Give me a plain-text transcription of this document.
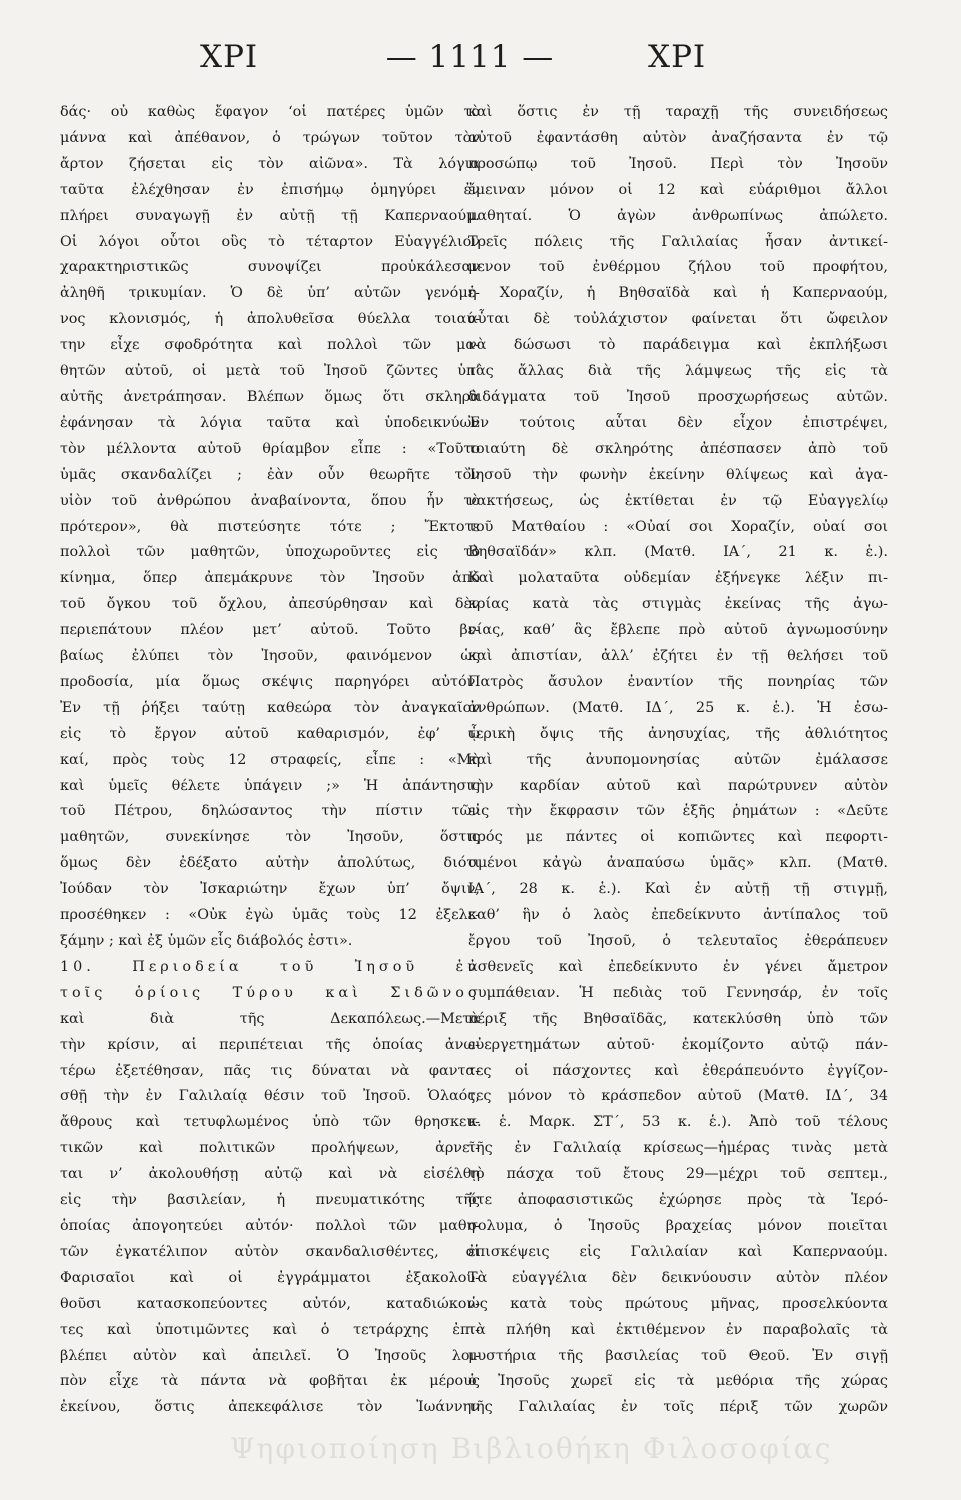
ΧΡΙ	— 1111 —	ΧΡΙ
δάς· οὐ καθὼς ἔφαγον ‘οἱ πατέρες ὑμῶν τὸ
μάννα καὶ ἀπέθανον, ὁ τρώγων τοῦτον τὸν
ἄρτον ζήσεται εἰς τὸν αἰῶνα». Τὰ λόγια
ταῦτα ἐλέχθησαν ἐν ἐπισήμῳ ὁμηγύρει ἐν
πλήρει συναγωγῇ ἐν αὐτῇ τῇ Καπερναούμ.
Οἱ λόγοι οὗτοι οὓς τὸ τέταρτον Εὐαγγέλιον
χαρακτηριστικῶς συνοψίζει προὐκάλεσαν
ἀληθῆ τρικυμίαν. Ὁ δὲ ὑπ’ αὐτῶν γενόμε-
νος κλονισμός, ἡ ἀπολυθεῖσα θύελλα τοιαύ-
την εἶχε σφοδρότητα καὶ πολλοὶ τῶν μα-
θητῶν αὐτοῦ, οἱ μετὰ τοῦ Ἰησοῦ ζῶντες ὑπ’
αὐτῆς ἀνετράπησαν. Βλέπων ὅμως ὅτι σκληρὰ
ἐφάνησαν τὰ λόγια ταῦτα καὶ ὑποδεικνύων
τὸν μέλλοντα αὐτοῦ θρίαμβον εἶπε : «Τοῦτο
ὑμᾶς σκανδαλίζει ; ἐὰν οὖν θεωρῆτε τὸν
υἱὸν τοῦ ἀνθρώπου ἀναβαίνοντα, ὅπου ἦν τὸ
πρότερον», θὰ πιστεύσητε τότε ; Ἔκτοτε
πολλοὶ τῶν μαθητῶν, ὑποχωροῦντες εἰς τὸ
κίνημα, ὅπερ ἀπεμάκρυνε τὸν Ἰησοῦν ἀπὸ
τοῦ ὄγκου τοῦ ὄχλου, ἀπεσύρθησαν καὶ δὲν
περιεπάτουν πλέον μετ’ αὐτοῦ. Τοῦτο βε-
βαίως ἐλύπει τὸν Ἰησοῦν, φαινόμενον ὡς
προδοσία, μία ὅμως σκέψις παρηγόρει αὐτόν.
Ἐν τῇ ῥήξει ταύτῃ καθεώρα τὸν ἀναγκαῖον
εἰς τὸ ἔργον αὐτοῦ καθαρισμόν, ἐφ’ ᾧ
καί, πρὸς τοὺς 12 στραφείς, εἶπε : «Μὴ
καὶ ὑμεῖς θέλετε ὑπάγειν ;» Ἡ ἀπάντησις
τοῦ Πέτρου, δηλώσαντος τὴν πίστιν τῶν
μαθητῶν, συνεκίνησε τὸν Ἰησοῦν, ὅστις
ὅμως δὲν ἐδέξατο αὐτὴν ἀπολύτως, διότι
Ἰούδαν τὸν Ἰσκαριώτην ἔχων ὑπ’ ὄψιν,
προσέθηκεν : «Οὐκ ἐγὼ ὑμᾶς τοὺς 12 ἐξελε-
ξάμην ; καὶ ἐξ ὑμῶν εἷς διάβολός ἐστι».
10. Περιοδεία τοῦ Ἰησοῦ ἐν
τοῖς ὁρίοις Τύρου καὶ Σιδῶνος
καὶ διὰ τῆς Δεκαπόλεως.—Μετὰ
τὴν κρίσιν, αἱ περιπέτειαι τῆς ὁποίας ἀνω-
τέρω ἐξετέθησαν, πᾶς τις δύναται νὰ φαντα-
σθῇ τὴν ἐν Γαλιλαίᾳ θέσιν τοῦ Ἰησοῦ. Ὁλαός,
ἄθρους καὶ τετυφλωμένος ὑπὸ τῶν θρησκευ-
τικῶν καὶ πολιτικῶν προλήψεων, ἀρνεῖ-
ται ν’ ἀκολουθήσῃ αὐτῷ καὶ νὰ εἰσέλθῃ
εἰς τὴν βασιλείαν, ἡ πνευματικότης τῆς
ὁποίας ἀπογοητεύει αὐτόν· πολλοὶ τῶν μαθη-
τῶν ἐγκατέλιπον αὐτὸν σκανδαλισθέντες, οἱ
Φαρισαῖοι καὶ οἱ ἐγγράμματοι ἐξακολου-
θοῦσι κατασκοπεύοντες αὐτόν, καταδιώκον-
τες καὶ ὑποτιμῶντες καὶ ὁ τετράρχης ἐπι-
βλέπει αὐτὸν καὶ ἀπειλεῖ. Ὁ Ἰησοῦς λοι-
πὸν εἶχε τὰ πάντα νὰ φοβῆται ἐκ μέρους
ἐκείνου, ὅστις ἀπεκεφάλισε τὸν Ἰωάννην
καὶ ὅστις ἐν τῇ ταραχῇ τῆς συνειδήσεως
αὐτοῦ ἐφαντάσθη αὐτὸν ἀναζήσαντα ἐν τῷ
προσώπῳ τοῦ Ἰησοῦ. Περὶ τὸν Ἰησοῦν
ἔμειναν μόνον οἱ 12 καὶ εὐάριθμοι ἄλλοι
μαθηταί. Ὁ ἀγὼν ἀνθρωπίνως ἀπώλετο.
Τρεῖς πόλεις τῆς Γαλιλαίας ἦσαν ἀντικεί-
μενον τοῦ ἐνθέρμου ζήλου τοῦ προφήτου,
ἡ Χοραζίν, ἡ Βηθσαϊδὰ καὶ ἡ Καπερναούμ,
αὗται δὲ τοὐλάχιστον φαίνεται ὅτι ὤφειλον
νὰ δώσωσι τὸ παράδειγμα καὶ ἐκπλήξωσι
τὰς ἄλλας διὰ τῆς λάμψεως τῆς εἰς τὰ
διδάγματα τοῦ Ἰησοῦ προσχωρήσεως αὐτῶν.
Ἐν τούτοις αὗται δὲν εἶχον ἐπιστρέψει,
τοιαύτη δὲ σκληρότης ἀπέσπασεν ἀπὸ τοῦ
Ἰησοῦ τὴν φωνὴν ἐκείνην θλίψεως καὶ ἀγα-
νακτήσεως, ὡς ἐκτίθεται ἐν τῷ Εὐαγγελίῳ
τοῦ Ματθαίου : «Οὐαί σοι Χοραζίν, οὐαί σοι
Βηθσαϊδάν» κλπ. (Ματθ. ΙΑ΄, 21 κ. ἑ.).
Καὶ μολαταῦτα οὐδεμίαν ἐξήνεγκε λέξιν πι-
κρίας κατὰ τὰς στιγμὰς ἐκείνας τῆς ἀγω-
νίας, καθ’ ἃς ἔβλεπε πρὸ αὐτοῦ ἀγνωμοσύνην
καὶ ἀπιστίαν, ἀλλ’ ἐζήτει ἐν τῇ θελήσει τοῦ
Πατρὸς ἄσυλον ἐναντίον τῆς πονηρίας τῶν
ἀνθρώπων. (Ματθ. ΙΔ΄, 25 κ. ἑ.). Ἡ ἐσω-
τερικὴ ὄψις τῆς ἀνησυχίας, τῆς ἀθλιότητος
καὶ τῆς ἀνυπομονησίας αὐτῶν ἐμάλασσε
τὴν καρδίαν αὐτοῦ καὶ παρώτρυνεν αὐτὸν
εἰς τὴν ἔκφρασιν τῶν ἑξῆς ῥημάτων : «Δεῦτε
πρός με πάντες οἱ κοπιῶντες καὶ πεφορτι-
σμένοι κἀγὼ ἀναπαύσω ὑμᾶς» κλπ. (Ματθ.
ΙΑ΄, 28 κ. ἑ.). Καὶ ἐν αὐτῇ τῇ στιγμῇ,
καθ’ ἣν ὁ λαὸς ἐπεδείκνυτο ἀντίπαλος τοῦ
ἔργου τοῦ Ἰησοῦ, ὁ τελευταῖος ἐθεράπευεν
ἀσθενεῖς καὶ ἐπεδείκνυτο ἐν γένει ἄμετρον
συμπάθειαν. Ἡ πεδιὰς τοῦ Γεννησάρ, ἐν τοῖς
πέριξ τῆς Βηθσαϊδᾶς, κατεκλύσθη ὑπὸ τῶν
εὐεργετημάτων αὐτοῦ· ἐκομίζοντο αὐτῷ πάν-
τες οἱ πάσχοντες καὶ ἐθεράπευόντο ἐγγίζον-
τες μόνον τὸ κράσπεδον αὐτοῦ (Ματθ. ΙΔ΄, 34
κ. ἑ. Μαρκ. ΣΤ΄, 53 κ. ἑ.). Ἀπὸ τοῦ τέλους
τῆς ἐν Γαλιλαίᾳ κρίσεως—ἡμέρας τινὰς μετὰ
τὸ πάσχα τοῦ ἔτους 29—μέχρι τοῦ σεπτεμ.,
ὅτε ἀποφασιστικῶς ἐχώρησε πρὸς τὰ Ἱερό-
σολυμα, ὁ Ἰησοῦς βραχείας μόνον ποιεῖται
ἐπισκέψεις εἰς Γαλιλαίαν καὶ Καπερναούμ.
Τὰ εὐαγγέλια δὲν δεικνύουσιν αὐτὸν πλέον
ὡς κατὰ τοὺς πρώτους μῆνας, προσελκύοντα
τὰ πλήθη καὶ ἐκτιθέμενον ἐν παραβολαῖς τὰ
μυστήρια τῆς βασιλείας τοῦ Θεοῦ. Ἐν σιγῇ
ὁ Ἰησοῦς χωρεῖ εἰς τὰ μεθόρια τῆς χώρας
τῆς Γαλιλαίας ἐν τοῖς πέριξ τῶν χωρῶν
Ψηφιοποίηση Βιβλιοθήκη Φιλοσοφίας
